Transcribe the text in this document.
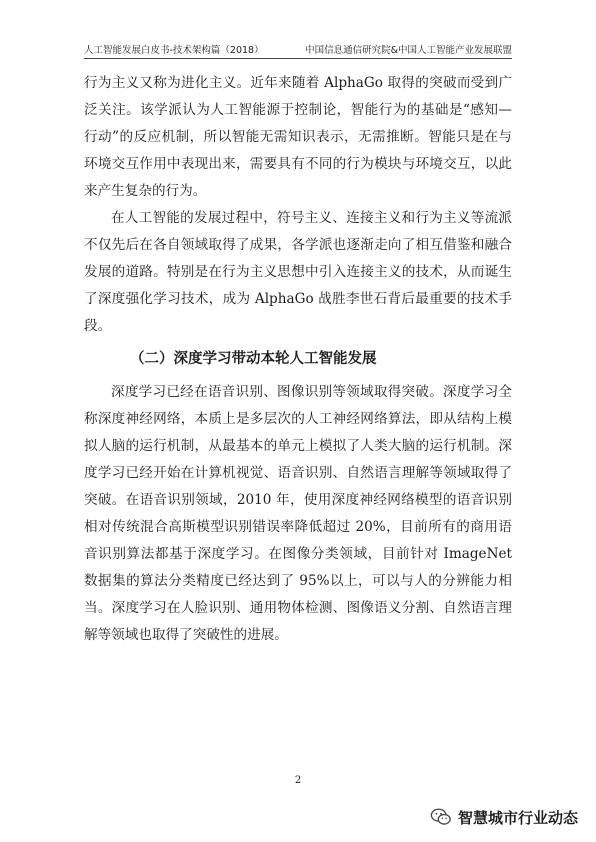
人工智能发展白皮书-技术架构篇（2018）	中国信息通信研究院&中国人工智能产业发展联盟

行为主义又称为进化主义。近年来随着 AlphaGo 取得的突破而受到广泛关注。该学派认为人工智能源于控制论，智能行为的基础是“感知—行动”的反应机制，所以智能无需知识表示，无需推断。智能只是在与环境交互作用中表现出来，需要具有不同的行为模块与环境交互，以此来产生复杂的行为。

在人工智能的发展过程中，符号主义、连接主义和行为主义等流派不仅先后在各自领域取得了成果，各学派也逐渐走向了相互借鉴和融合发展的道路。特别是在行为主义思想中引入连接主义的技术，从而诞生了深度强化学习技术，成为 AlphaGo 战胜李世石背后最重要的技术手段。

（二）深度学习带动本轮人工智能发展

深度学习已经在语音识别、图像识别等领域取得突破。深度学习全称深度神经网络，本质上是多层次的人工神经网络算法，即从结构上模拟人脑的运行机制，从最基本的单元上模拟了人类大脑的运行机制。深度学习已经开始在计算机视觉、语音识别、自然语言理解等领域取得了突破。在语音识别领域，2010 年，使用深度神经网络模型的语音识别相对传统混合高斯模型识别错误率降低超过 20%，目前所有的商用语音识别算法都基于深度学习。在图像分类领域，目前针对 ImageNet 数据集的算法分类精度已经达到了 95%以上，可以与人的分辨能力相当。深度学习在人脸识别、通用物体检测、图像语义分割、自然语言理解等领域也取得了突破性的进展。

2
智慧城市行业动态
